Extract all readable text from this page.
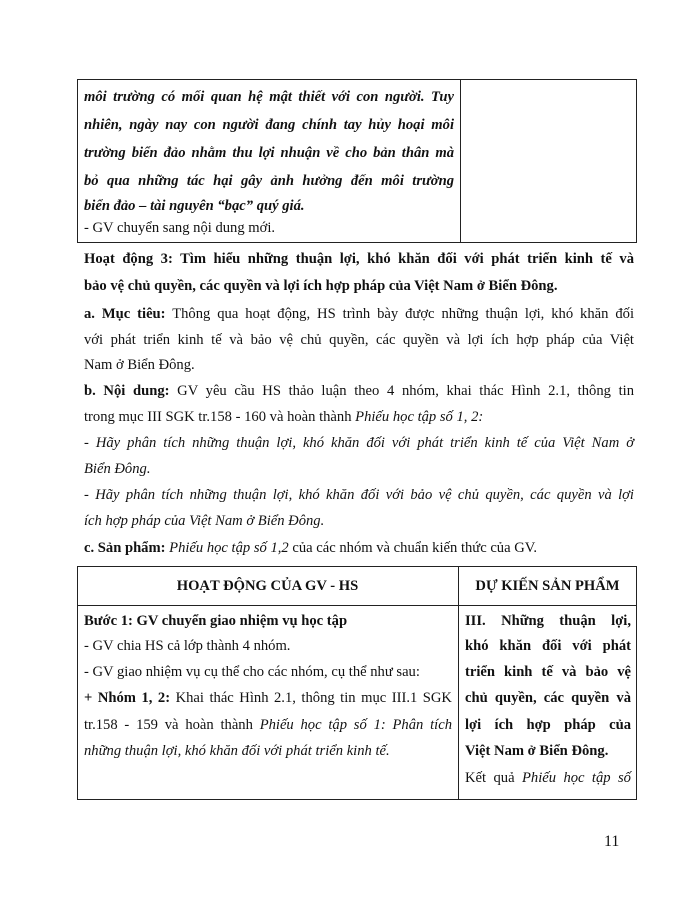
môi trường có mối quan hệ mật thiết với con người. Tuy
nhiên, ngày nay con người đang chính tay hủy hoại môi
trường biển đảo nhằm thu lợi nhuận về cho bản thân mà
bỏ qua những tác hại gây ảnh hưởng đến môi trường
biển đảo – tài nguyên “bạc” quý giá.
- GV chuyển sang nội dung mới.
Hoạt động 3: Tìm hiểu những thuận lợi, khó khăn đối với phát triển kinh tế và
bảo vệ chủ quyền, các quyền và lợi ích hợp pháp của Việt Nam ở Biển Đông.
a. Mục tiêu: Thông qua hoạt động, HS trình bày được những thuận lợi, khó khăn đối
với phát triển kinh tế và bảo vệ chủ quyền, các quyền và lợi ích hợp pháp của Việt
Nam ở Biển Đông.
b. Nội dung: GV yêu cầu HS thảo luận theo 4 nhóm, khai thác Hình 2.1, thông tin
trong mục III SGK tr.158 - 160 và hoàn thành Phiếu học tập số 1, 2:
- Hãy phân tích những thuận lợi, khó khăn đối với phát triển kinh tế của Việt Nam ở
Biển Đông.
- Hãy phân tích những thuận lợi, khó khăn đối với bảo vệ chủ quyền, các quyền và lợi
ích hợp pháp của Việt Nam ở Biển Đông.
c. Sản phẩm: Phiếu học tập số 1,2 của các nhóm và chuẩn kiến thức của GV.
HOẠT ĐỘNG CỦA GV - HS	DỰ KIẾN SẢN PHẨM
Bước 1: GV chuyển giao nhiệm vụ học tập
- GV chia HS cả lớp thành 4 nhóm.
- GV giao nhiệm vụ cụ thể cho các nhóm, cụ thể như sau:
+ Nhóm 1, 2: Khai thác Hình 2.1, thông tin mục III.1 SGK
tr.158 - 159 và hoàn thành Phiếu học tập số 1: Phân tích
những thuận lợi, khó khăn đối với phát triển kinh tế.
III. Những thuận lợi,
khó khăn đối với phát
triển kinh tế và bảo vệ
chủ quyền, các quyền và
lợi ích hợp pháp của
Việt Nam ở Biển Đông.
Kết quả Phiếu học tập số
11
